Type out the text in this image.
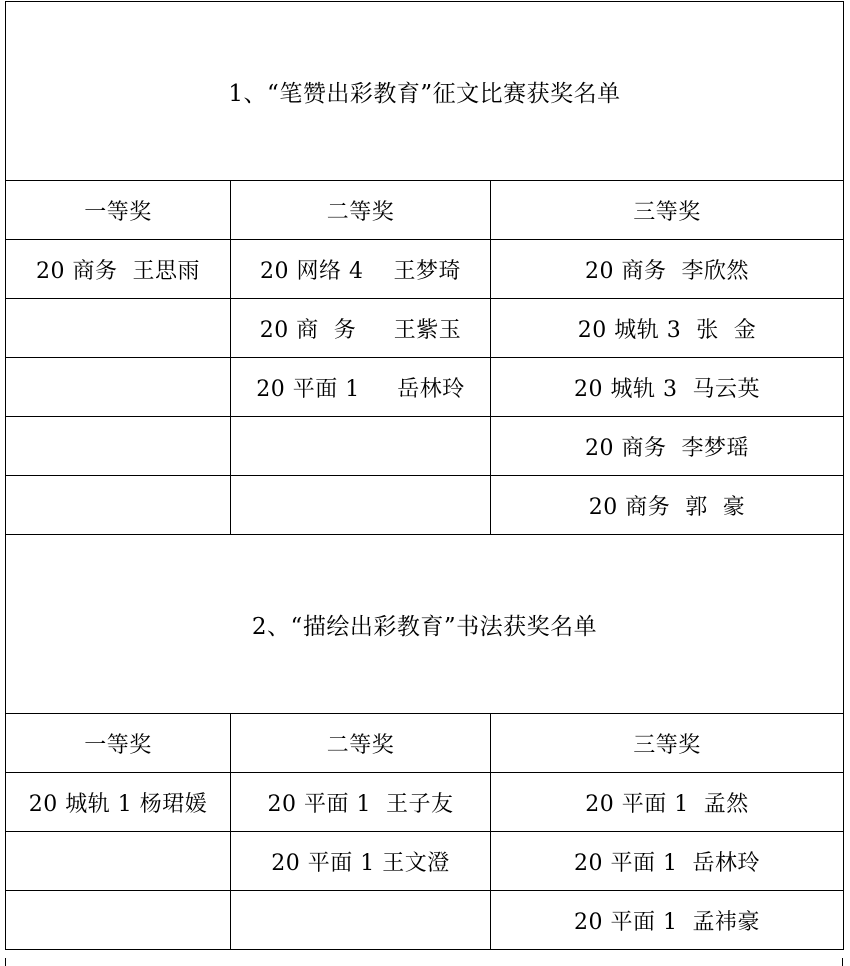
1、“笔赞出彩教育”征文比赛获奖名单		
一等奖	二等奖	三等奖
20 商务  王思雨	20 网络 4    王梦琦	20 商务  李欣然
	20 商  务     王紫玉	20 城轨 3  张  金
	20 平面 1     岳林玲	20 城轨 3  马云英
		20 商务  李梦瑶
		20 商务  郭  豪
2、“描绘出彩教育”书法获奖名单		
一等奖	二等奖	三等奖
20 城轨 1 杨珺媛	20 平面 1  王子友	20 平面 1  孟然
	20 平面 1 王文澄	20 平面 1  岳林玲
		20 平面 1  孟祎豪
